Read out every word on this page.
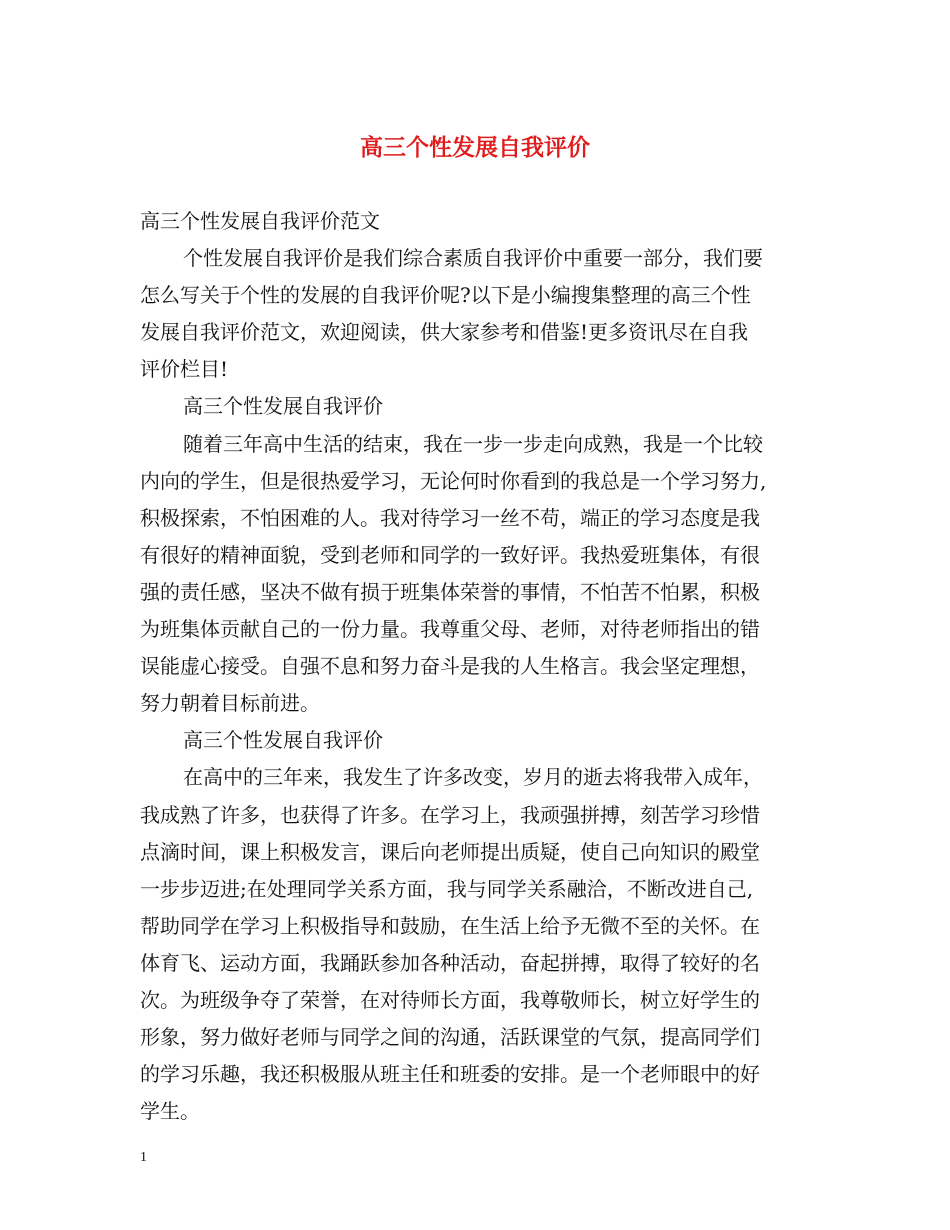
高三个性发展自我评价
高三个性发展自我评价范文
个性发展自我评价是我们综合素质自我评价中重要一部分，我们要
怎么写关于个性的发展的自我评价呢?以下是小编搜集整理的高三个性
发展自我评价范文，欢迎阅读，供大家参考和借鉴!更多资讯尽在自我
评价栏目!
高三个性发展自我评价
随着三年高中生活的结束，我在一步一步走向成熟，我是一个比较
内向的学生，但是很热爱学习，无论何时你看到的我总是一个学习努力,
积极探索，不怕困难的人。我对待学习一丝不苟，端正的学习态度是我
有很好的精神面貌，受到老师和同学的一致好评。我热爱班集体，有很
强的责任感，坚决不做有损于班集体荣誉的事情，不怕苦不怕累，积极
为班集体贡献自己的一份力量。我尊重父母、老师，对待老师指出的错
误能虚心接受。自强不息和努力奋斗是我的人生格言。我会坚定理想，
努力朝着目标前进。
高三个性发展自我评价
在高中的三年来，我发生了许多改变，岁月的逝去将我带入成年，
我成熟了许多，也获得了许多。在学习上，我顽强拼搏，刻苦学习珍惜
点滴时间，课上积极发言，课后向老师提出质疑，使自己向知识的殿堂
一步步迈进;在处理同学关系方面，我与同学关系融洽，不断改进自己,
帮助同学在学习上积极指导和鼓励，在生活上给予无微不至的关怀。在
体育飞、运动方面，我踊跃参加各种活动，奋起拼搏，取得了较好的名
次。为班级争夺了荣誉，在对待师长方面，我尊敬师长，树立好学生的
形象，努力做好老师与同学之间的沟通，活跃课堂的气氛，提高同学们
的学习乐趣，我还积极服从班主任和班委的安排。是一个老师眼中的好
学生。
1
